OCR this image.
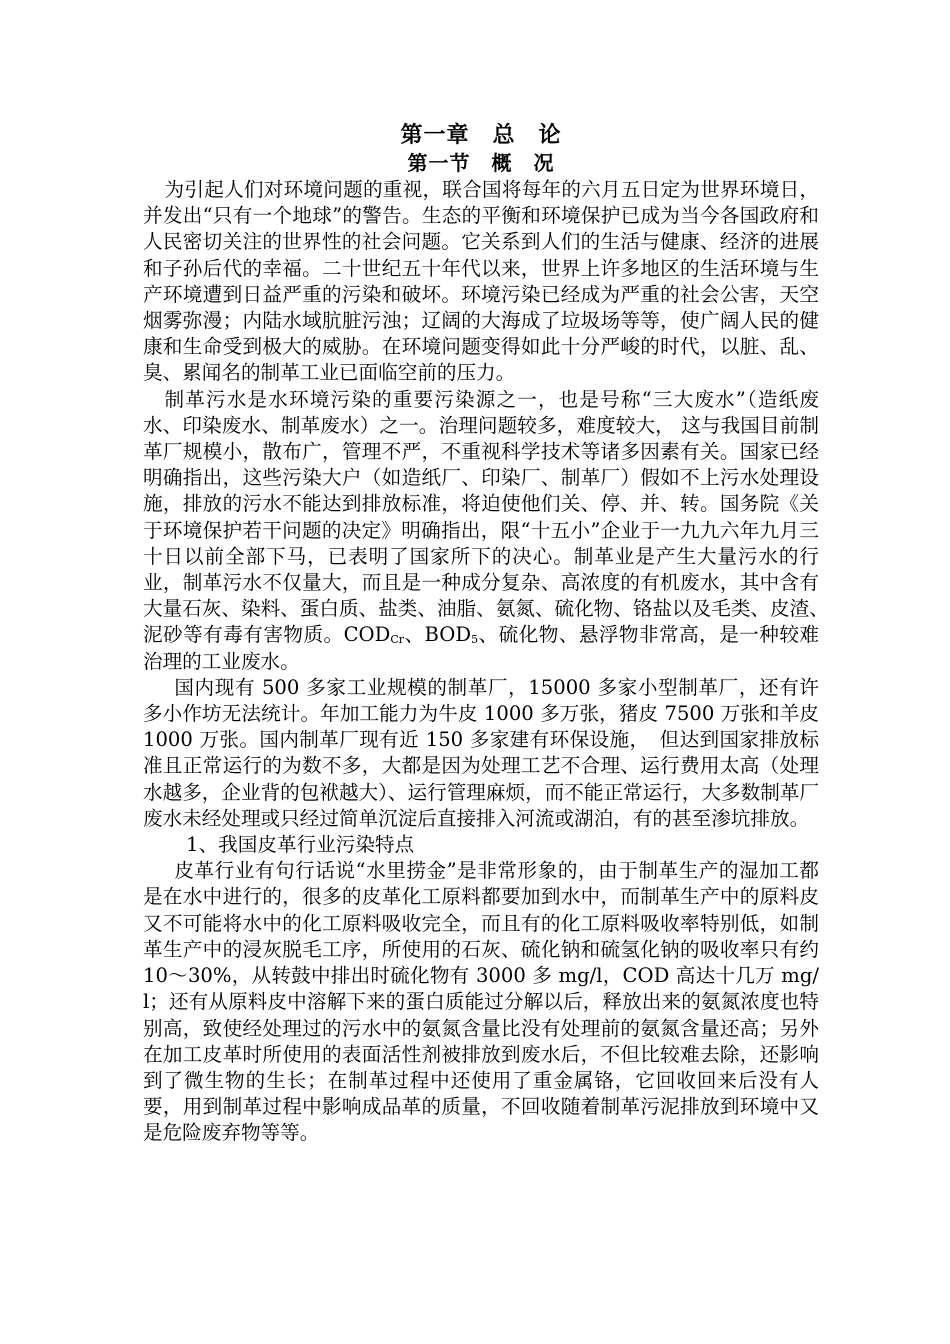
第一章　总　论
第一节　概　况

为引起人们对环境问题的重视，联合国将每年的六月五日定为世界环境日，并发出“只有一个地球”的警告。生态的平衡和环境保护已成为当今各国政府和人民密切关注的世界性的社会问题。它关系到人们的生活与健康、经济的进展和子孙后代的幸福。二十世纪五十年代以来，世界上许多地区的生活环境与生产环境遭到日益严重的污染和破坏。环境污染已经成为严重的社会公害，天空烟雾弥漫；内陆水域肮脏污浊；辽阔的大海成了垃圾场等等，使广阔人民的健康和生命受到极大的威胁。在环境问题变得如此十分严峻的时代，以脏、乱、臭、累闻名的制革工业已面临空前的压力。

制革污水是水环境污染的重要污染源之一，也是号称“三大废水”（造纸废水、印染废水、制革废水）之一。治理问题较多，难度较大， 这与我国目前制革厂规模小，散布广，管理不严，不重视科学技术等诸多因素有关。国家已经明确指出，这些污染大户（如造纸厂、印染厂、制革厂）假如不上污水处理设施，排放的污水不能达到排放标准，将迫使他们关、停、并、转。国务院《关于环境保护若干问题的决定》明确指出，限“十五小”企业于一九九六年九月三十日以前全部下马，已表明了国家所下的决心。制革业是产生大量污水的行业，制革污水不仅量大，而且是一种成分复杂、高浓度的有机废水，其中含有大量石灰、染料、蛋白质、盐类、油脂、氨氮、硫化物、铬盐以及毛类、皮渣、　泥砂等有毒有害物质。$COD_{Cr}$、$BOD_5$、硫化物、悬浮物非常高，是一种较难治理的工业废水。

国内现有 500 多家工业规模的制革厂，15000 多家小型制革厂，还有许多小作坊无法统计。年加工能力为牛皮 1000 多万张，猪皮 7500 万张和羊皮 1000 万张。国内制革厂现有近 150 多家建有环保设施，　但达到国家排放标准且正常运行的为数不多，大都是因为处理工艺不合理、运行费用太高（处理水越多，企业背的包袱越大）、运行管理麻烦，而不能正常运行，大多数制革厂废水未经处理或只经过简单沉淀后直接排入河流或湖泊，有的甚至渗坑排放。

1、我国皮革行业污染特点

皮革行业有句行话说“水里捞金”是非常形象的，由于制革生产的湿加工都是在水中进行的，很多的皮革化工原料都要加到水中，而制革生产中的原料皮又不可能将水中的化工原料吸收完全，而且有的化工原料吸收率特别低，如制革生产中的浸灰脱毛工序，所使用的石灰、硫化钠和硫氢化钠的吸收率只有约 10～30%，从转鼓中排出时硫化物有 3000 多 mg/l，COD 高达十几万 mg/l；还有从原料皮中溶解下来的蛋白质能过分解以后，释放出来的氨氮浓度也特别高，致使经处理过的污水中的氨氮含量比没有处理前的氨氮含量还高；另外在加工皮革时所使用的表面活性剂被排放到废水后，不但比较难去除，还影响到了微生物的生长；在制革过程中还使用了重金属铬，它回收回来后没有人要，用到制革过程中影响成品革的质量，不回收随着制革污泥排放到环境中又是危险废弃物等等。
